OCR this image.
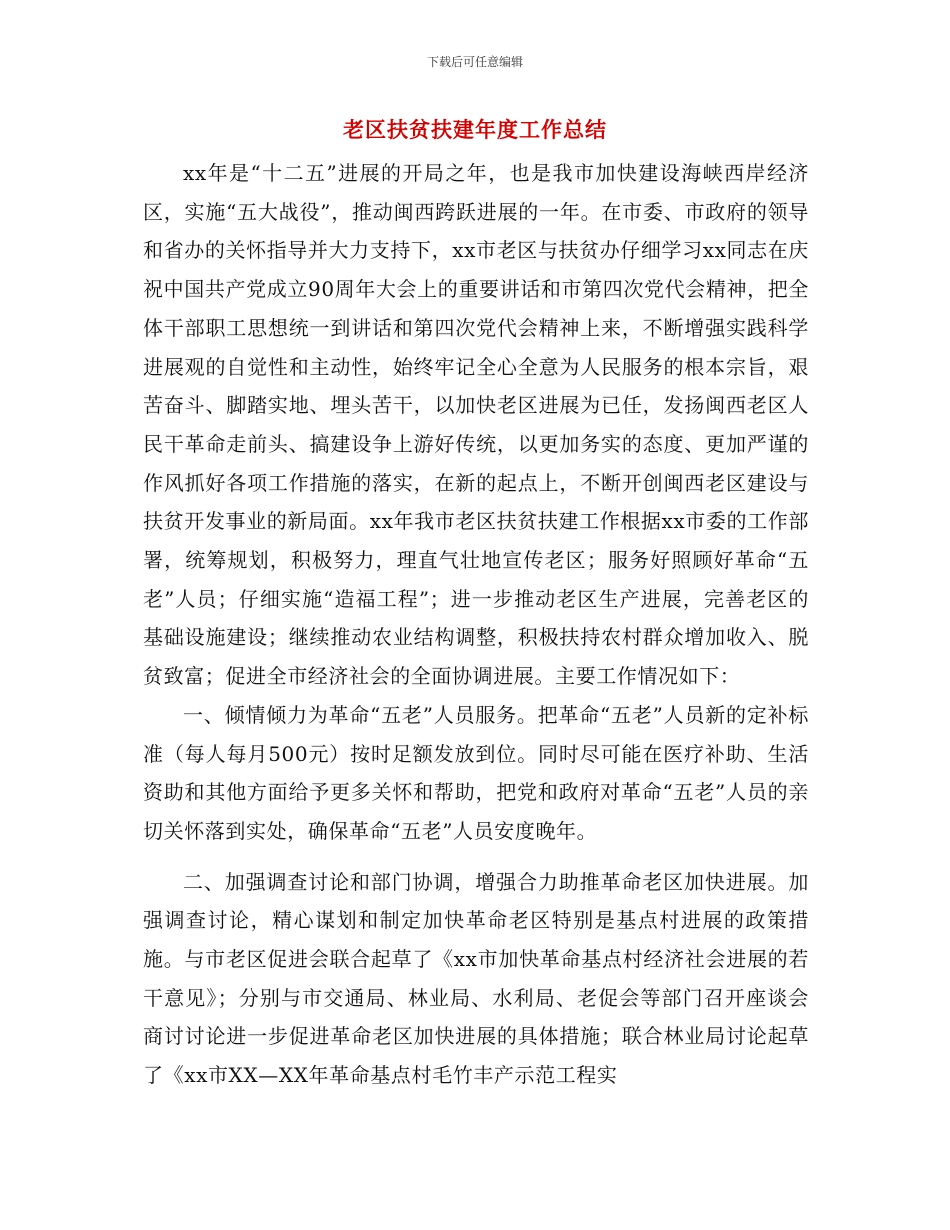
下载后可任意编辑
老区扶贫扶建年度工作总结

xx年是“十二五”进展的开局之年，也是我市加快建设海峡西岸经济区，实施“五大战役”，推动闽西跨跃进展的一年。在市委、市政府的领导和省办的关怀指导并大力支持下，xx市老区与扶贫办仔细学习xx同志在庆祝中国共产党成立90周年大会上的重要讲话和市第四次党代会精神，把全体干部职工思想统一到讲话和第四次党代会精神上来，不断增强实践科学进展观的自觉性和主动性，始终牢记全心全意为人民服务的根本宗旨，艰苦奋斗、脚踏实地、埋头苦干，以加快老区进展为已任，发扬闽西老区人民干革命走前头、搞建设争上游好传统，以更加务实的态度、更加严谨的作风抓好各项工作措施的落实，在新的起点上，不断开创闽西老区建设与扶贫开发事业的新局面。xx年我市老区扶贫扶建工作根据xx市委的工作部署，统筹规划，积极努力，理直气壮地宣传老区；服务好照顾好革命“五老”人员；仔细实施“造福工程”；进一步推动老区生产进展，完善老区的基础设施建设；继续推动农业结构调整，积极扶持农村群众增加收入、脱贫致富；促进全市经济社会的全面协调进展。主要工作情况如下：

一、倾情倾力为革命“五老”人员服务。把革命“五老”人员新的定补标准（每人每月500元）按时足额发放到位。同时尽可能在医疗补助、生活资助和其他方面给予更多关怀和帮助，把党和政府对革命“五老”人员的亲切关怀落到实处，确保革命“五老”人员安度晚年。

二、加强调查讨论和部门协调，增强合力助推革命老区加快进展。加强调查讨论，精心谋划和制定加快革命老区特别是基点村进展的政策措施。与市老区促进会联合起草了《xx市加快革命基点村经济社会进展的若干意见》；分别与市交通局、林业局、水利局、老促会等部门召开座谈会商讨讨论进一步促进革命老区加快进展的具体措施；联合林业局讨论起草了《xx市XX—XX年革命基点村毛竹丰产示范工程实
